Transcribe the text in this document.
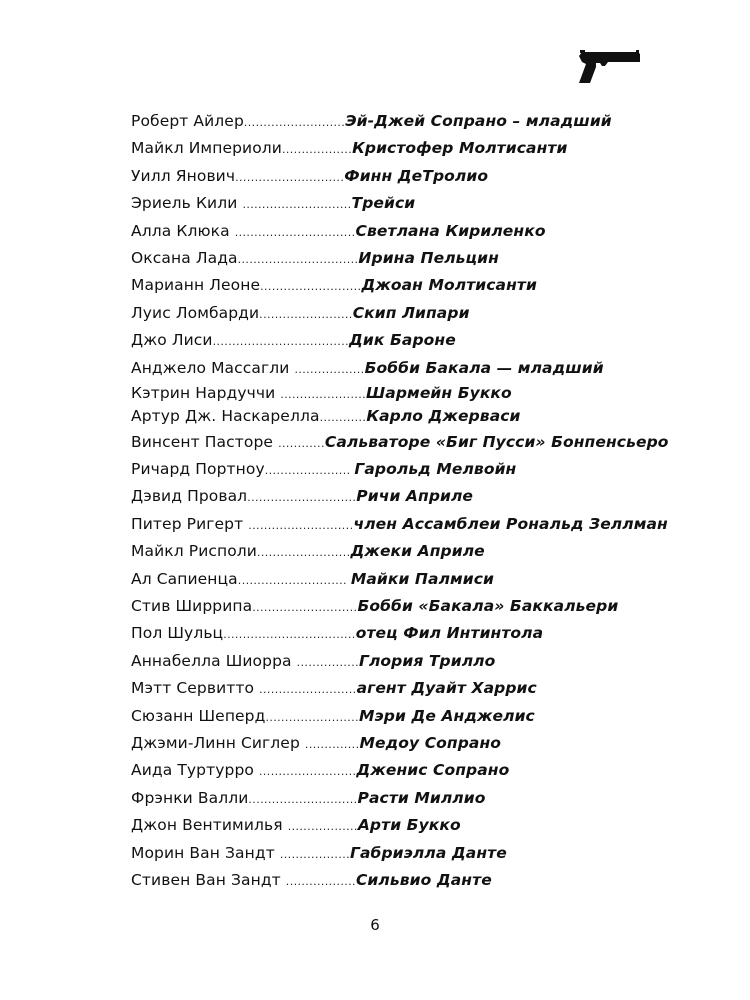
Роберт Айлер..........................Эй-Джей Сопрано – младший
Майкл Империоли..................Кристофер Молтисанти
Уилл Янович............................Финн ДеТролио
Эриель Кили ............................Трейси
Алла Клюка ...............................Светлана Кириленко
Оксана Лада...............................Ирина Пельцин
Марианн Леоне..........................Джоан Молтисанти
Луис Ломбарди........................Скип Липари
Джо Лиси...................................Дик Бароне
Анджело Массагли ..................Бобби Бакала — младший
Кэтрин Нардуччи ......................Шармейн Букко
Артур Дж. Наскарелла............Карло Джерваси
Винсент Пасторе ............Сальваторе «Биг Пусси» Бонпенсьеро
Ричард Портноу...................... Гарольд Мелвойн
Дэвид Провал............................Ричи Априле
Питер Ригерт ...........................член Ассамблеи Рональд Зеллман
Майкл Рисполи........................Джеки Априле
Ал Сапиенца............................ Майки Палмиси
Стив Ширрипа...........................Бобби «Бакала» Баккальери
Пол Шульц..................................отец Фил Интинтола
Аннабелла Шиорра ................Глория Трилло
Мэтт Сервитто .........................агент Дуайт Харрис
Сюзанн Шеперд........................Мэри Де Анджелис
Джэми-Линн Сиглер ..............Медоу Сопрано
Аида Туртурро .........................Дженис Сопрано
Фрэнки Валли............................Расти Миллио
Джон Вентимилья ..................Арти Букко
Морин Ван Зандт ..................Габриэлла Данте
Стивен Ван Зандт ..................Сильвио Данте
6
